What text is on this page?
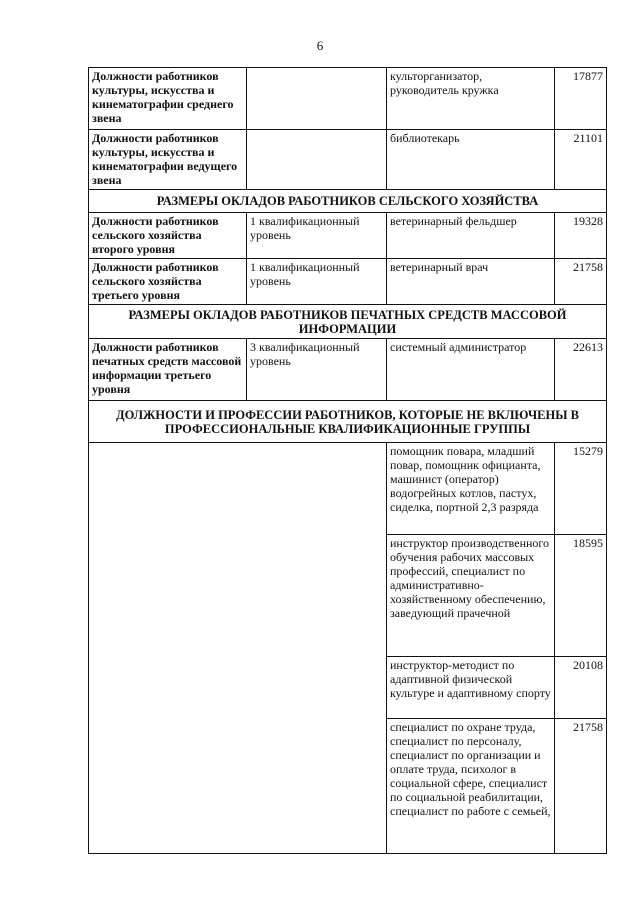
6
Должности работников культуры, искусства и кинематографии среднего звена		культорганизатор, руководитель кружка	17877
Должности работников культуры, искусства и кинематографии ведущего звена		библиотекарь	21101
РАЗМЕРЫ ОКЛАДОВ РАБОТНИКОВ СЕЛЬСКОГО ХОЗЯЙСТВА			
Должности работников сельского хозяйства второго уровня	1 квалификационный уровень	ветеринарный фельдшер	19328
Должности работников сельского хозяйства третьего уровня	1 квалификационный уровень	ветеринарный врач	21758
РАЗМЕРЫ ОКЛАДОВ РАБОТНИКОВ ПЕЧАТНЫХ СРЕДСТВ МАССОВОЙ ИНФОРМАЦИИ			
Должности работников печатных средств массовой информации третьего уровня	3 квалификационный уровень	системный администратор	22613
ДОЛЖНОСТИ И ПРОФЕССИИ РАБОТНИКОВ, КОТОРЫЕ НЕ ВКЛЮЧЕНЫ В ПРОФЕССИОНАЛЬНЫЕ КВАЛИФИКАЦИОННЫЕ ГРУППЫ			
		помощник повара, младший повар, помощник официанта, машинист (оператор) водогрейных котлов, пастух, сиделка, портной 2,3 разряда	15279
		инструктор производственного обучения рабочих массовых профессий, специалист по административно-хозяйственному обеспечению, заведующий прачечной	18595
		инструктор-методист по адаптивной физической культуре и адаптивному спорту	20108
		специалист по охране труда, специалист по персоналу, специалист по организации и оплате труда, психолог в социальной сфере, специалист по социальной реабилитации, специалист по работе с семьей,	21758
